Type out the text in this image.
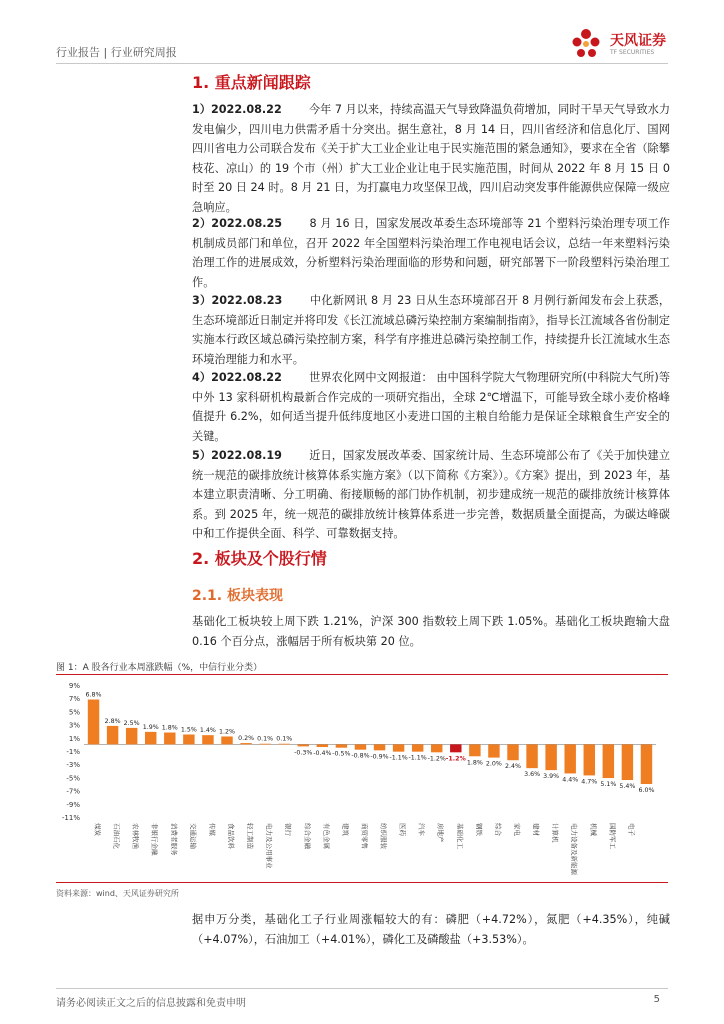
行业报告 | 行业研究周报
天风证券
TF SECURITIES
1. 重点新闻跟踪
1）2022.08.22 今年 7 月以来，持续高温天气导致降温负荷增加，同时干旱天气导致水力发电偏少，四川电力供需矛盾十分突出。据生意社，8 月 14 日，四川省经济和信息化厅、国网四川省电力公司联合发布《关于扩大工业企业让电于民实施范围的紧急通知》，要求在全省（除攀枝花、凉山）的 19 个市（州）扩大工业企业让电于民实施范围，时间从 2022 年 8 月 15 日 0 时至 20 日 24 时。8 月 21 日，为打赢电力攻坚保卫战，四川启动突发事件能源供应保障一级应急响应。
2）2022.08.25 8 月 16 日，国家发展改革委生态环境部等 21 个塑料污染治理专项工作机制成员部门和单位，召开 2022 年全国塑料污染治理工作电视电话会议，总结一年来塑料污染治理工作的进展成效，分析塑料污染治理面临的形势和问题，研究部署下一阶段塑料污染治理工作。
3）2022.08.23 中化新网讯 8 月 23 日从生态环境部召开 8 月例行新闻发布会上获悉，生态环境部近日制定并将印发《长江流域总磷污染控制方案编制指南》，指导长江流域各省份制定实施本行政区域总磷污染控制方案，科学有序推进总磷污染控制工作，持续提升长江流域水生态环境治理能力和水平。
4）2022.08.22 世界农化网中文网报道： 由中国科学院大气物理研究所(中科院大气所)等中外 13 家科研机构最新合作完成的一项研究指出，全球 2℃增温下，可能导致全球小麦价格峰值提升 6.2%，如何适当提升低纬度地区小麦进口国的主粮自给能力是保证全球粮食生产安全的关键。
5）2022.08.19 近日，国家发展改革委、国家统计局、生态环境部公布了《关于加快建立统一规范的碳排放统计核算体系实施方案》（以下简称《方案》）。《方案》提出，到 2023 年，基本建立职责清晰、分工明确、衔接顺畅的部门协作机制，初步建成统一规范的碳排放统计核算体系。到 2025 年，统一规范的碳排放统计核算体系进一步完善，数据质量全面提高，为碳达峰碳中和工作提供全面、科学、可靠数据支持。
2. 板块及个股行情
2.1. 板块表现
基础化工板块较上周下跌 1.21%，沪深 300 指数较上周下跌 1.05%。基础化工板块跑输大盘 0.16 个百分点，涨幅居于所有板块第 20 位。
图 1：A 股各行业本周涨跌幅（%，中信行业分类）
9%
7%
5%
3%
1%
-1%
-3%
-5%
-7%
-9%
-11%
6.8%
2.8% 2.5%
1.9% 1.8% 1.5% 1.4% 1.2%
0.2% 0.1% 0.1%
-0.3% -0.4% -0.5% -0.8% -0.9% -1.1% -1.1% -1.2% -1.2%
1.8% 2.0% 2.4%
3.6% 3.9% 4.4% 4.7% 5.1% 5.4%
6.0%
煤炭 石油石化 农林牧渔 非银行金融 消费者服务 交通运输 传媒 食品饮料 轻工制造 电力及公用事业 银行 综合金融 有色金属 建筑 商贸零售 纺织服装 医药 汽车 房地产 基础化工 钢铁 综合 家电 建材 计算机 电力设备及新能源 机械 国防军工 电子
资料来源：wind、天风证券研究所
据申万分类，基础化工子行业周涨幅较大的有：磷肥（+4.72%），氮肥（+4.35%），纯碱（+4.07%），石油加工（+4.01%），磷化工及磷酸盐（+3.53%）。
请务必阅读正文之后的信息披露和免责申明	5
